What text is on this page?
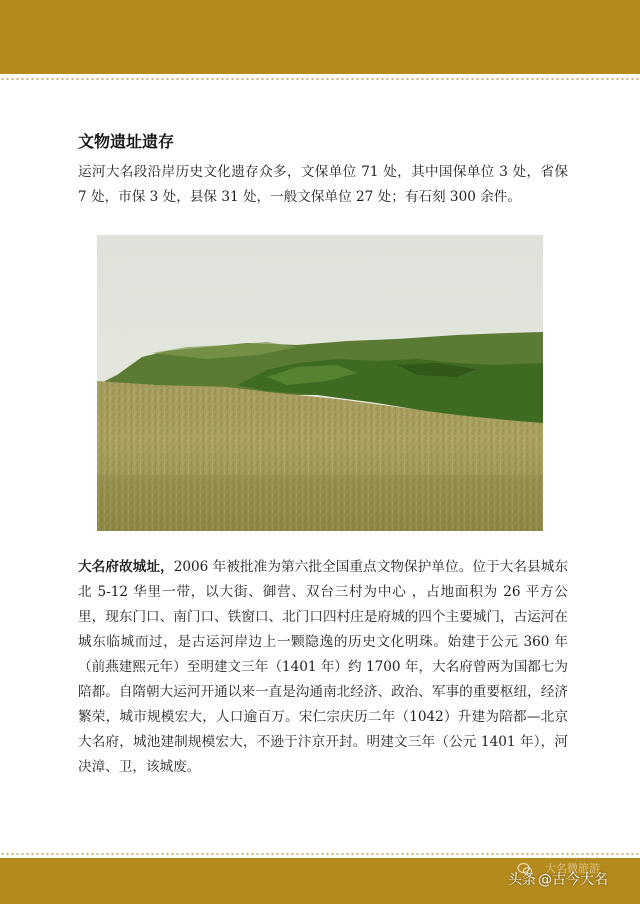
文物遗址遗存

运河大名段沿岸历史文化遗存众多，文保单位 71 处，其中国保单位 3 处，省保 7 处，市保 3 处，县保 31 处，一般文保单位 27 处；有石刻 300 余件。

大名府故城址，2006 年被批准为第六批全国重点文物保护单位。位于大名县城东北 5-12 华里一带，以大街、御营、双台三村为中心 ，占地面积为 26 平方公里，现东门口、南门口、铁窗口、北门口四村庄是府城的四个主要城门，古运河在城东临城而过，是古运河岸边上一颗隐逸的历史文化明珠。始建于公元 360 年（前燕建熙元年）至明建文三年（1401 年）约 1700 年，大名府曾两为国都七为陪都。自隋朝大运河开通以来一直是沟通南北经济、政治、军事的重要枢纽，经济繁荣，城市规模宏大，人口逾百万。宋仁宗庆历二年（1042）升建为陪都—北京大名府，城池建制规模宏大，不逊于汴京开封。明建文三年（公元 1401 年），河决漳、卫，该城废。

大名微旅游
头条 @古今大名
